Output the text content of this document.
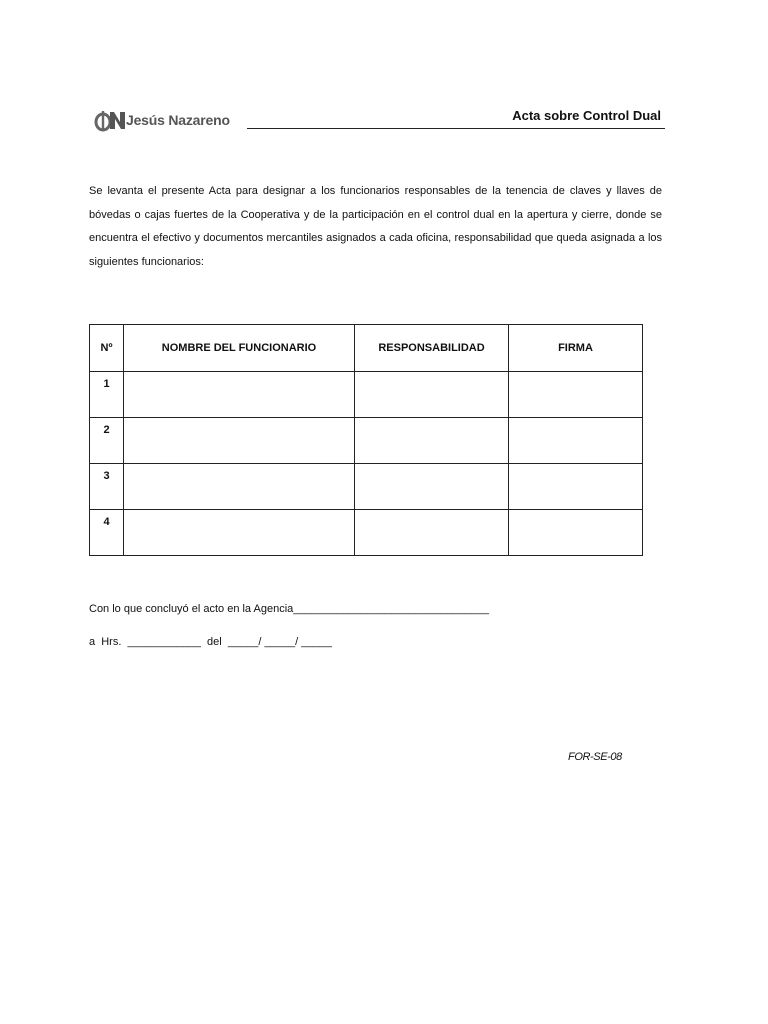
Jesús Nazareno	Acta sobre Control Dual
Se levanta el presente Acta para designar a los funcionarios responsables de la tenencia de claves y llaves de bóvedas o cajas fuertes de la Cooperativa y de la participación en el control dual en la apertura y cierre, donde se encuentra el efectivo y documentos mercantiles asignados a cada oficina, responsabilidad que queda asignada a los siguientes funcionarios:
Nº	NOMBRE DEL FUNCIONARIO	RESPONSABILIDAD	FIRMA

1			

2			

3			

4			

Con lo que concluyó el acto en la Agencia________________________________
a  Hrs.  ____________  del  _____/ _____/ _____
FOR-SE-08
